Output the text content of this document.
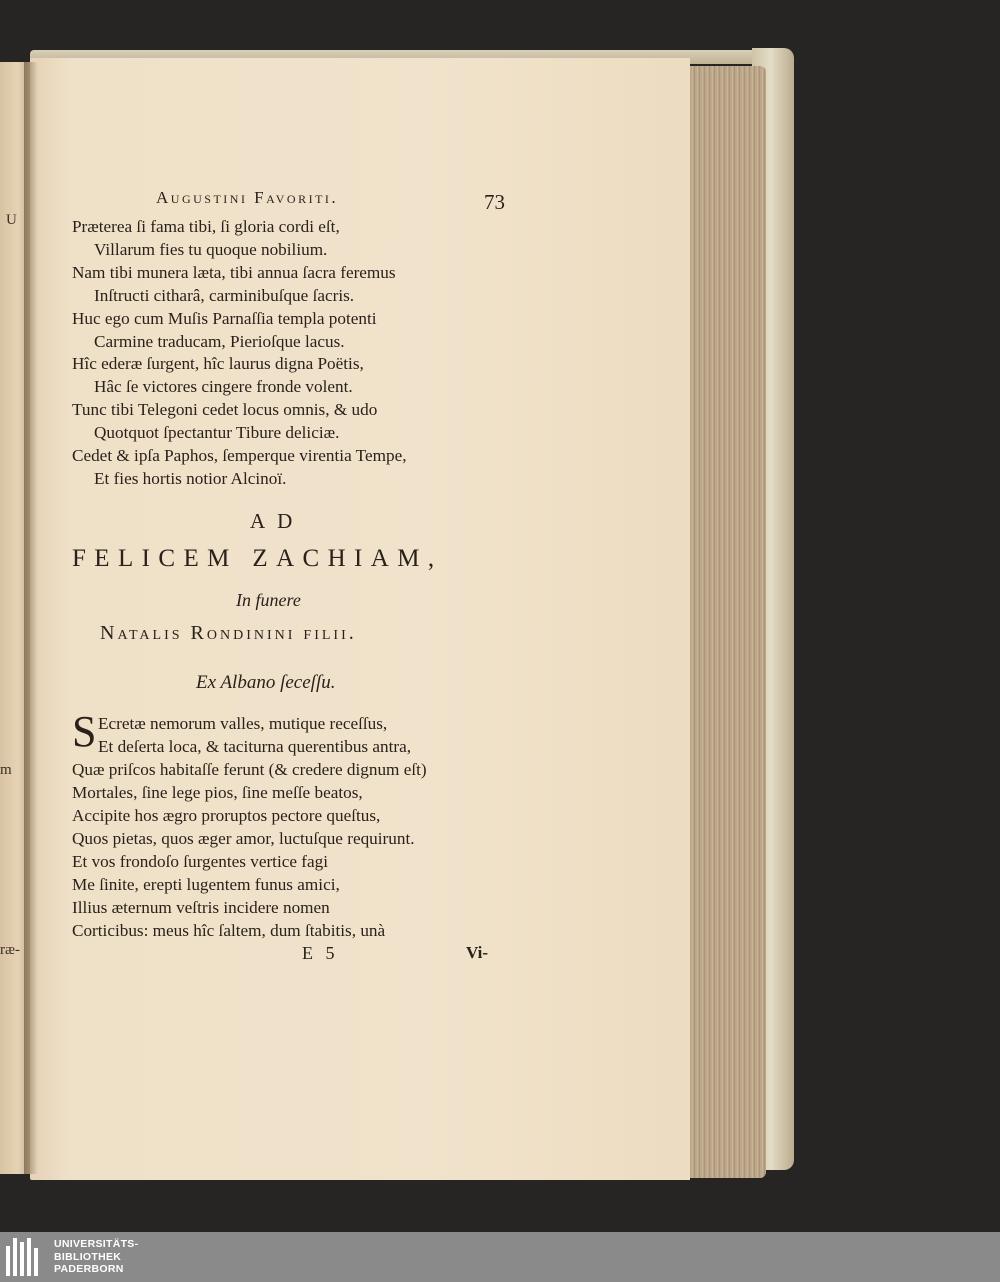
U
m
ræ-
Augustini Favoriti.	73
Præterea ſi fama tibi, ſi gloria cordi eſt,
Villarum fies tu quoque nobilium.
Nam tibi munera læta, tibi annua ſacra feremus
Inſtructi citharâ, carminibuſque ſacris.
Huc ego cum Muſis Parnaſſia templa potenti
Carmine traducam, Pierioſque lacus.
Hîc ederæ ſurgent, hîc laurus digna Poëtis,
Hâc ſe victores cingere fronde volent.
Tunc tibi Telegoni cedet locus omnis, & udo
Quotquot ſpectantur Tibure deliciæ.
Cedet & ipſa Paphos, ſemperque virentia Tempe,
Et fies hortis notior Alcinoï.
AD
FELICEM ZACHIAM,
In funere
Natalis Rondinini filii.
Ex Albano ſeceſſu.
S Ecretæ nemorum valles, mutique receſſus,
Et deſerta loca, & taciturna querentibus antra,
Quæ priſcos habitaſſe ferunt (& credere dignum eſt)
Mortales, ſine lege pios, ſine meſſe beatos,
Accipite hos ægro proruptos pectore queſtus,
Quos pietas, quos æger amor, luctuſque requirunt.
Et vos frondoſo ſurgentes vertice fagi
Me ſinite, erepti lugentem funus amici,
Illius æternum veſtris incidere nomen
Corticibus: meus hîc ſaltem, dum ſtabitis, unà
E 5	Vi-
UNIVERSITÄTS-
BIBLIOTHEK
PADERBORN
